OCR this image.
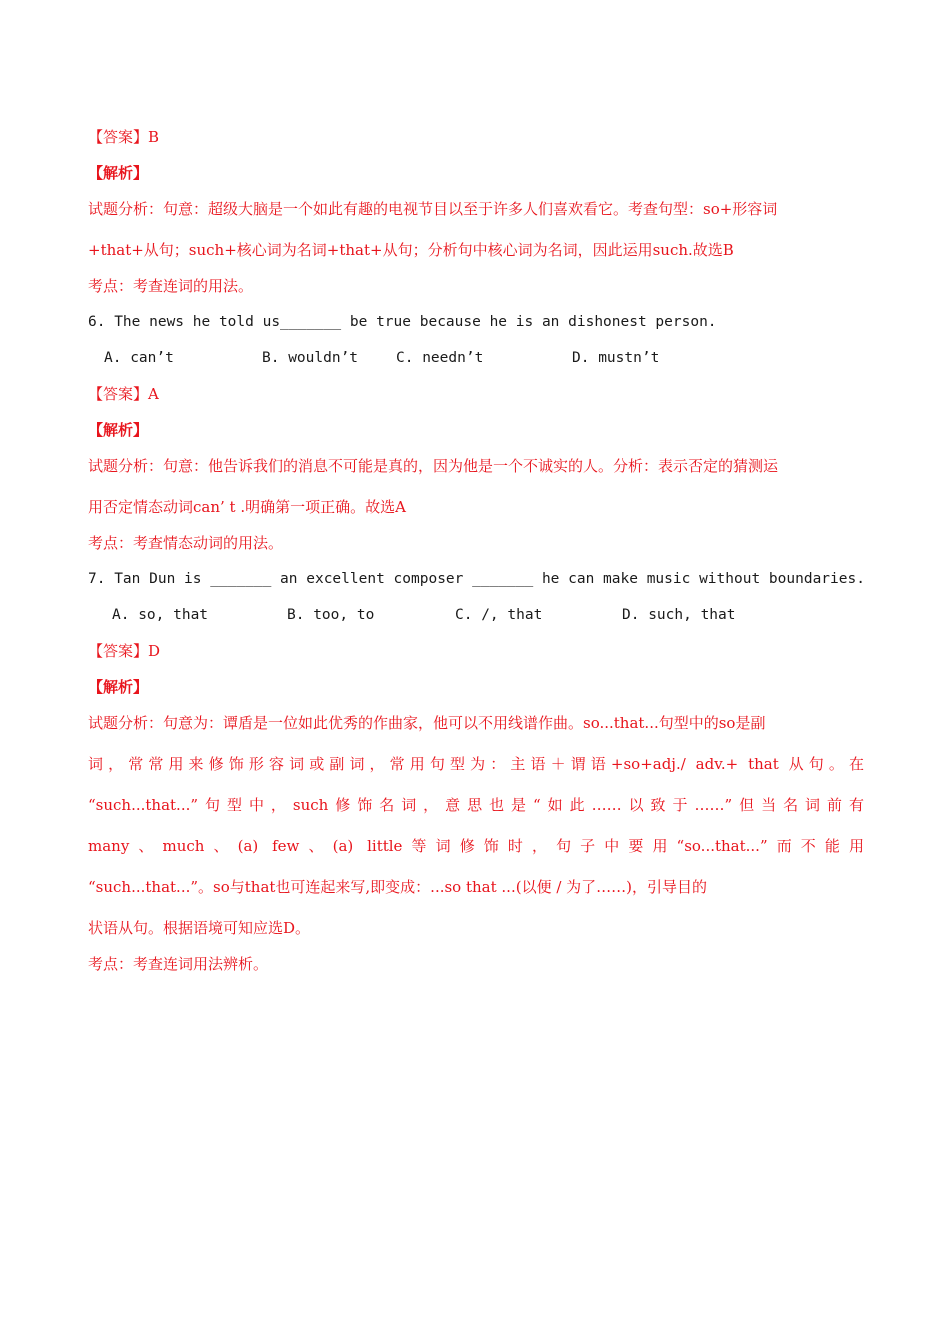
【答案】B
【解析】
试题分析：句意：超级大脑是一个如此有趣的电视节目以至于许多人们喜欢看它。考查句型：so+形容词
+that+从句；such+核心词为名词+that+从句；分析句中核心词为名词，因此运用such.故选B
考点：考查连词的用法。
6. The news he told us_______ be true because he is an dishonest person.
A. can’t	B. wouldn’t	C. needn’t	D. mustn’t
【答案】A
【解析】
试题分析：句意：他告诉我们的消息不可能是真的，因为他是一个不诚实的人。分析：表示否定的猜测运
用否定情态动词can’ t .明确第一项正确。故选A
考点：考查情态动词的用法。
7. Tan Dun is _______ an excellent composer _______ he can make music without boundaries.
A. so, that	B. too, to	C. /, that	D. such, that
【答案】D
【解析】
试题分析：句意为：谭盾是一位如此优秀的作曲家，他可以不用线谱作曲。so...that...句型中的so是副
词，常常用来修饰形容词或副词，常用句型为：主语＋谓语+so+adj./ adv.+ that 从句。在
“such...that...”句型中，such修饰名词，意思也是“如此……以致于……”但当名词前有
many、much、(a) few、(a) little等词修饰时，句子中要用“so...that...”而不能用
“such...that...”。so与that也可连起来写,即变成：...so that ...(以便 / 为了……)，引导目的
状语从句。根据语境可知应选D。
考点：考查连词用法辨析。
